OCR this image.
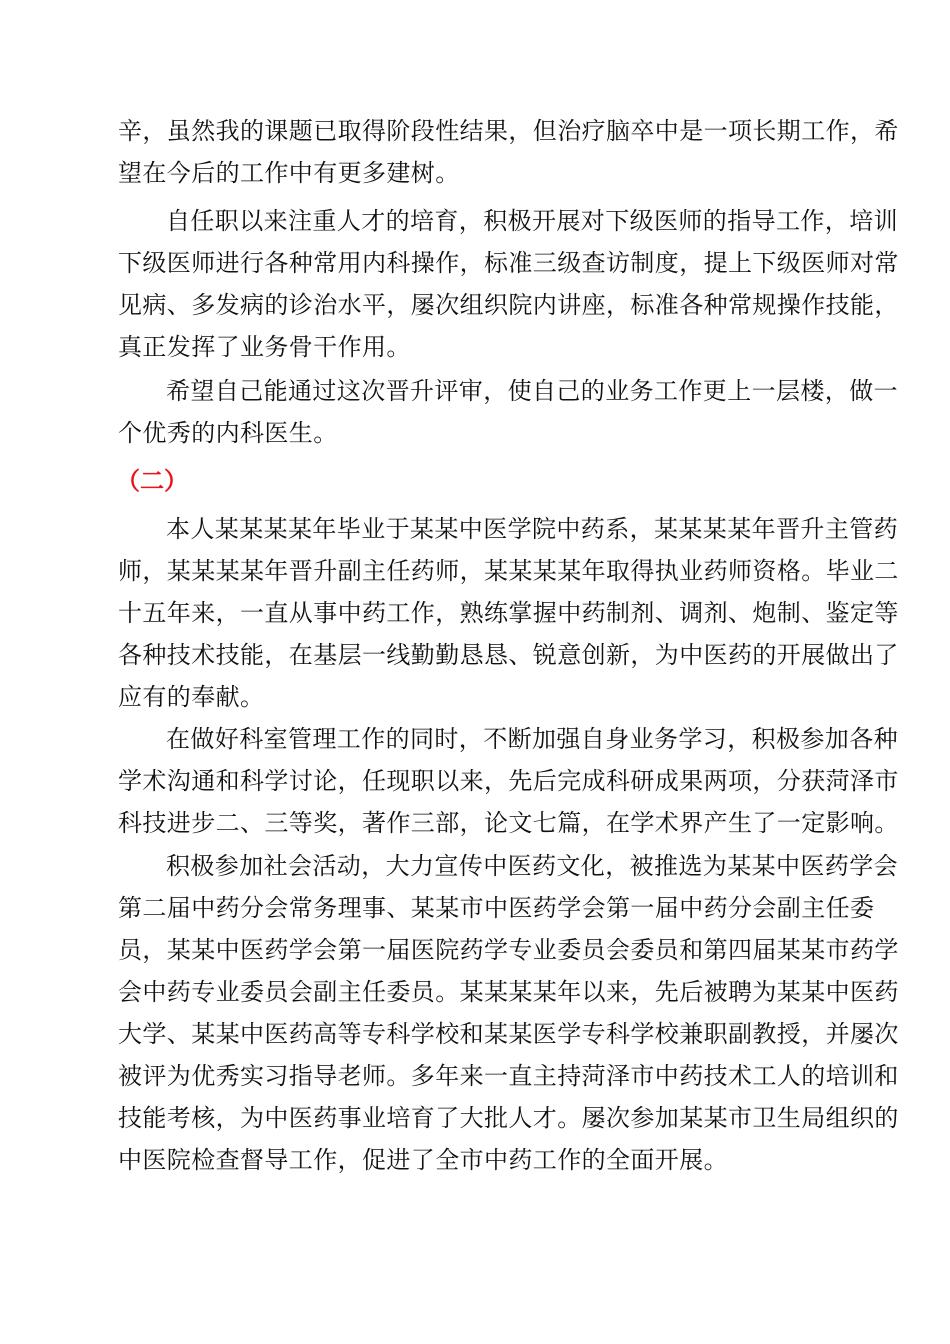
辛，虽然我的课题已取得阶段性结果，但治疗脑卒中是一项长期工作，希
望在今后的工作中有更多建树。

自任职以来注重人才的培育，积极开展对下级医师的指导工作，培训
下级医师进行各种常用内科操作，标准三级查访制度，提上下级医师对常
见病、多发病的诊治水平，屡次组织院内讲座，标准各种常规操作技能，
真正发挥了业务骨干作用。

希望自己能通过这次晋升评审，使自己的业务工作更上一层楼，做一
个优秀的内科医生。

（二）

本人某某某某年毕业于某某中医学院中药系，某某某某年晋升主管药
师，某某某某年晋升副主任药师，某某某某年取得执业药师资格。毕业二
十五年来，一直从事中药工作，熟练掌握中药制剂、调剂、炮制、鉴定等
各种技术技能，在基层一线勤勤恳恳、锐意创新，为中医药的开展做出了
应有的奉献。

在做好科室管理工作的同时，不断加强自身业务学习，积极参加各种
学术沟通和科学讨论，任现职以来，先后完成科研成果两项，分获菏泽市
科技进步二、三等奖，著作三部，论文七篇，在学术界产生了一定影响。

积极参加社会活动，大力宣传中医药文化，被推选为某某中医药学会
第二届中药分会常务理事、某某市中医药学会第一届中药分会副主任委
员，某某中医药学会第一届医院药学专业委员会委员和第四届某某市药学
会中药专业委员会副主任委员。某某某某年以来，先后被聘为某某中医药
大学、某某中医药高等专科学校和某某医学专科学校兼职副教授，并屡次
被评为优秀实习指导老师。多年来一直主持菏泽市中药技术工人的培训和
技能考核，为中医药事业培育了大批人才。屡次参加某某市卫生局组织的
中医院检查督导工作，促进了全市中药工作的全面开展。
